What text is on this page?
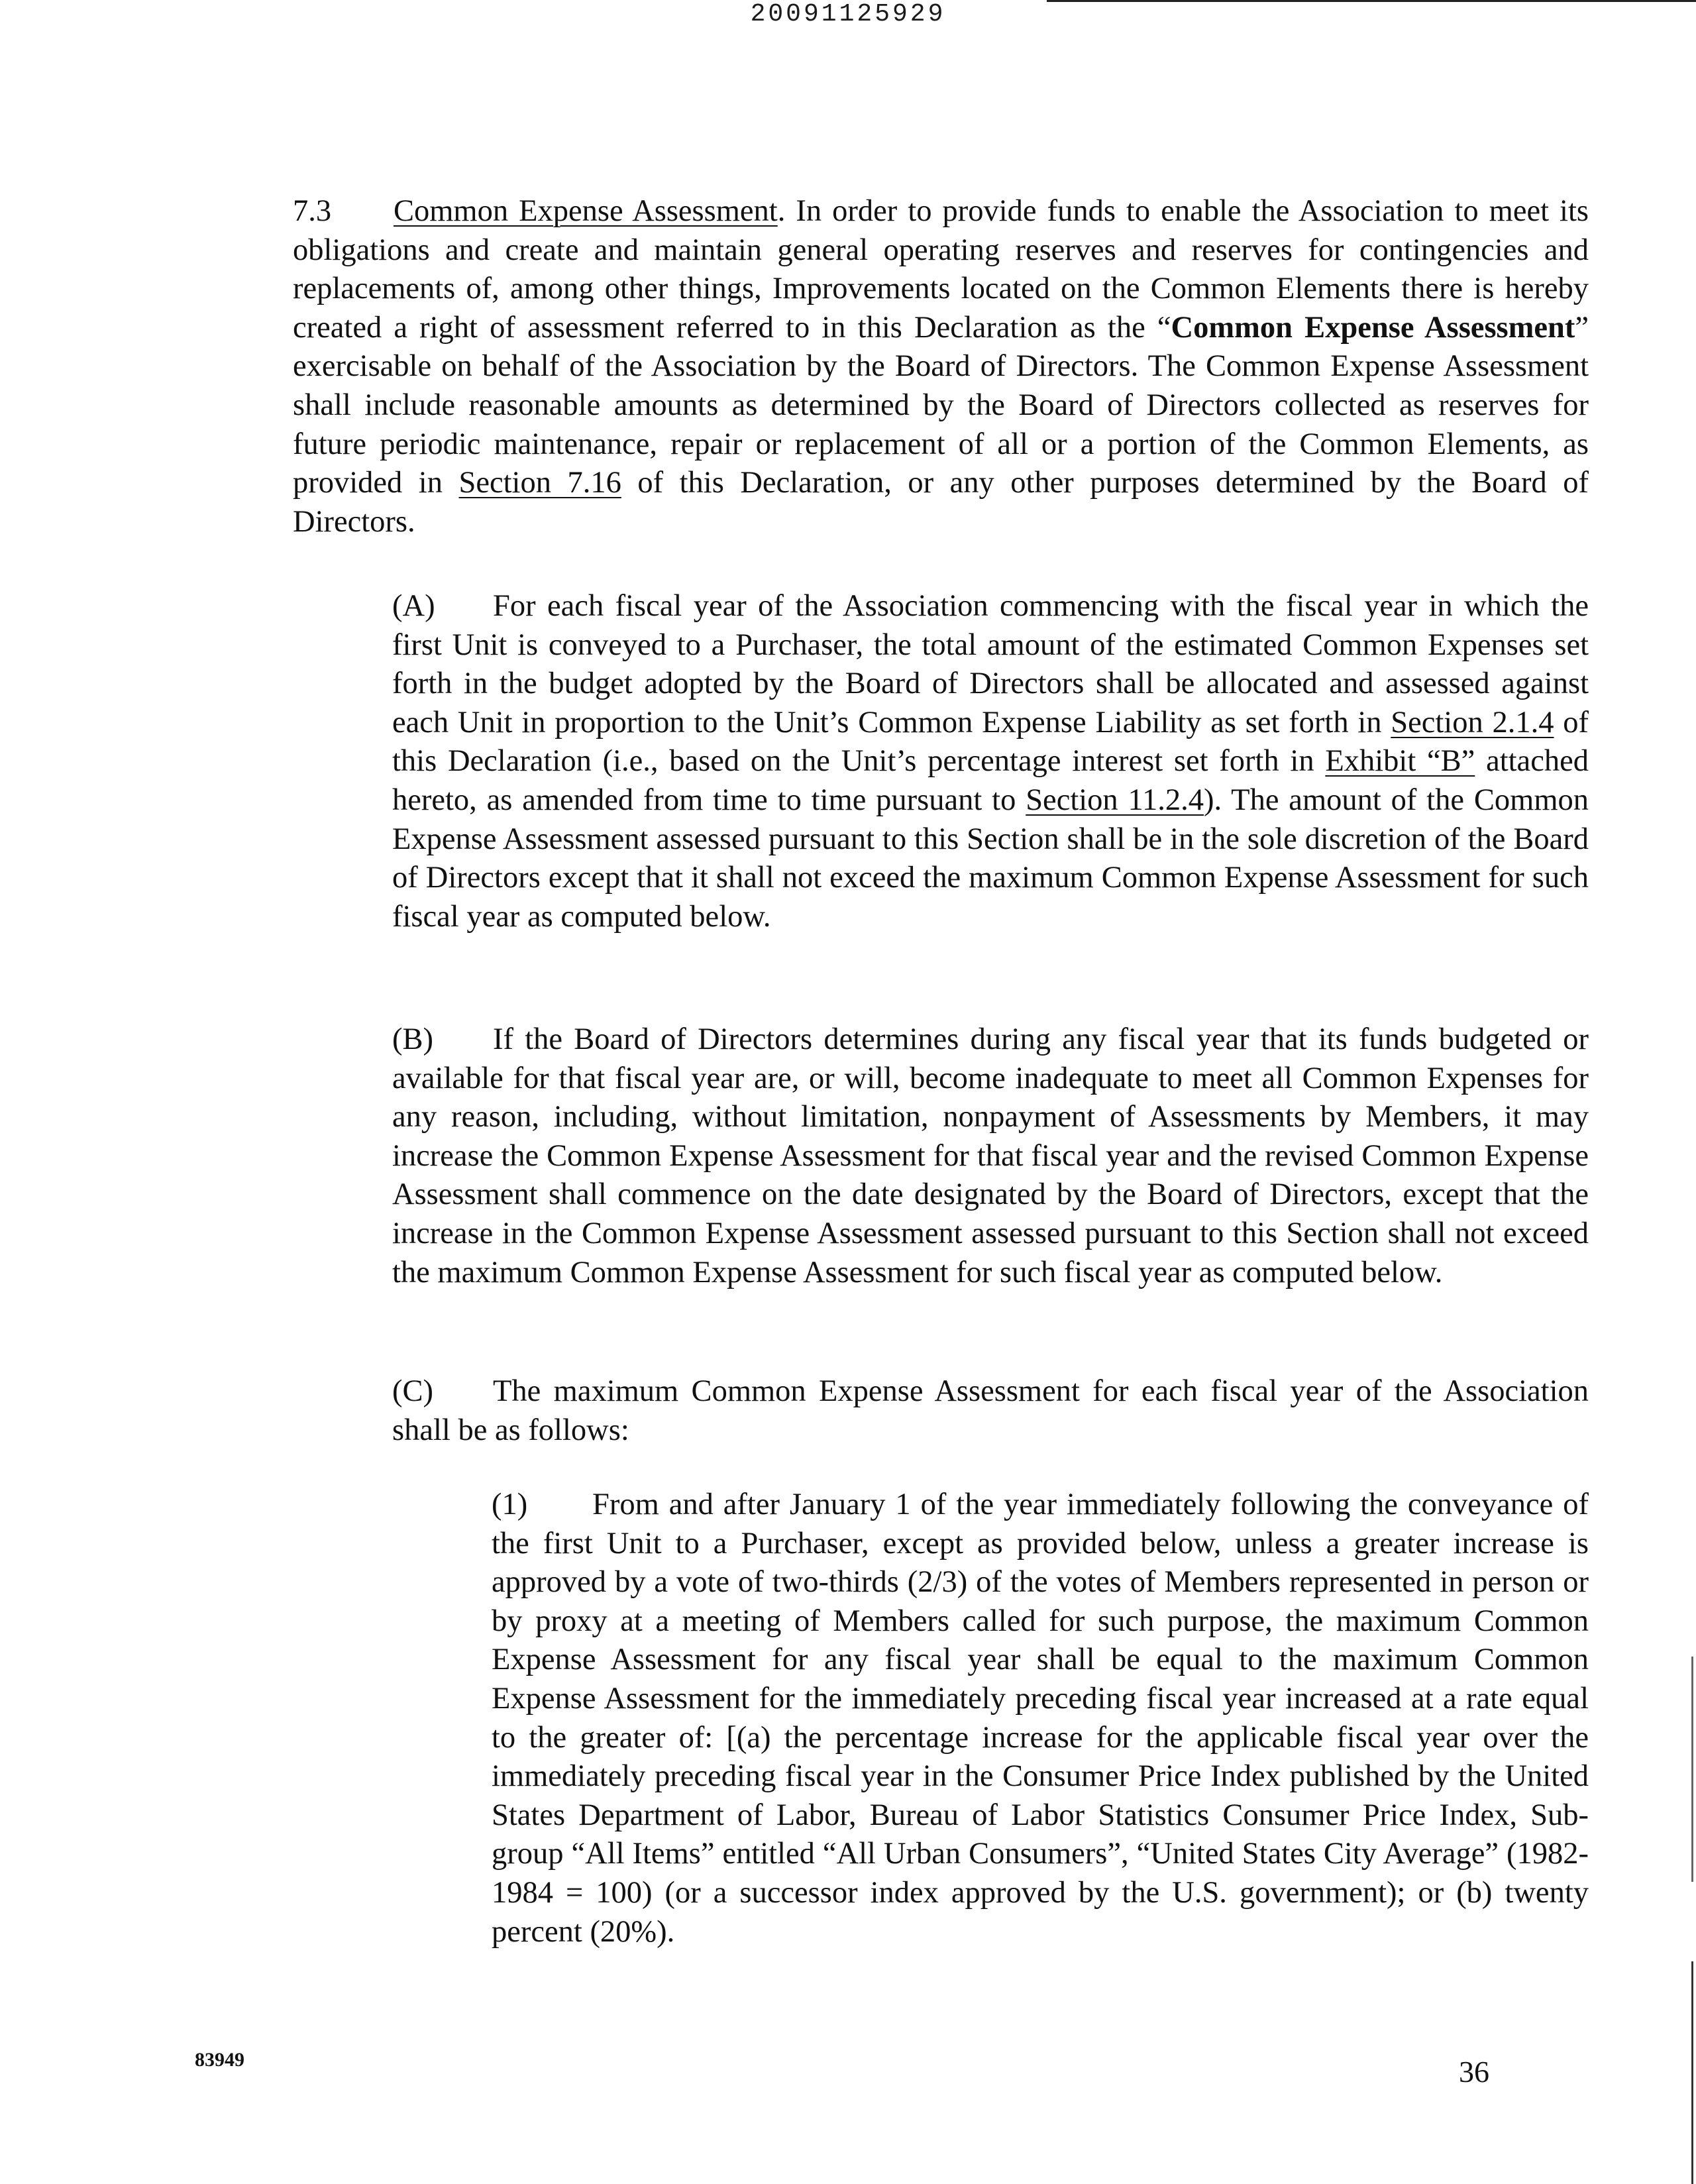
20091125929

7.3 Common Expense Assessment. In order to provide funds to enable the Association to meet its obligations and create and maintain general operating reserves and reserves for contingencies and replacements of, among other things, Improvements located on the Common Elements there is hereby created a right of assessment referred to in this Declaration as the “Common Expense Assessment” exercisable on behalf of the Association by the Board of Directors. The Common Expense Assessment shall include reasonable amounts as determined by the Board of Directors collected as reserves for future periodic maintenance, repair or replacement of all or a portion of the Common Elements, as provided in Section 7.16 of this Declaration, or any other purposes determined by the Board of Directors.

(A) For each fiscal year of the Association commencing with the fiscal year in which the first Unit is conveyed to a Purchaser, the total amount of the estimated Common Expenses set forth in the budget adopted by the Board of Directors shall be allocated and assessed against each Unit in proportion to the Unit’s Common Expense Liability as set forth in Section 2.1.4 of this Declaration (i.e., based on the Unit’s percentage interest set forth in Exhibit “B” attached hereto, as amended from time to time pursuant to Section 11.2.4). The amount of the Common Expense Assessment assessed pursuant to this Section shall be in the sole discretion of the Board of Directors except that it shall not exceed the maximum Common Expense Assessment for such fiscal year as computed below.

(B) If the Board of Directors determines during any fiscal year that its funds budgeted or available for that fiscal year are, or will, become inadequate to meet all Common Expenses for any reason, including, without limitation, nonpayment of Assessments by Members, it may increase the Common Expense Assessment for that fiscal year and the revised Common Expense Assessment shall commence on the date designated by the Board of Directors, except that the increase in the Common Expense Assessment assessed pursuant to this Section shall not exceed the maximum Common Expense Assessment for such fiscal year as computed below.

(C) The maximum Common Expense Assessment for each fiscal year of the Association shall be as follows:

(1) From and after January 1 of the year immediately following the conveyance of the first Unit to a Purchaser, except as provided below, unless a greater increase is approved by a vote of two-thirds (2/3) of the votes of Members represented in person or by proxy at a meeting of Members called for such purpose, the maximum Common Expense Assessment for any fiscal year shall be equal to the maximum Common Expense Assessment for the immediately preceding fiscal year increased at a rate equal to the greater of: [(a) the percentage increase for the applicable fiscal year over the immediately preceding fiscal year in the Consumer Price Index published by the United States Department of Labor, Bureau of Labor Statistics Consumer Price Index, Sub-group “All Items” entitled “All Urban Consumers”, “United States City Average” (1982-1984 = 100) (or a successor index approved by the U.S. government); or (b) twenty percent (20%).

83949	36
